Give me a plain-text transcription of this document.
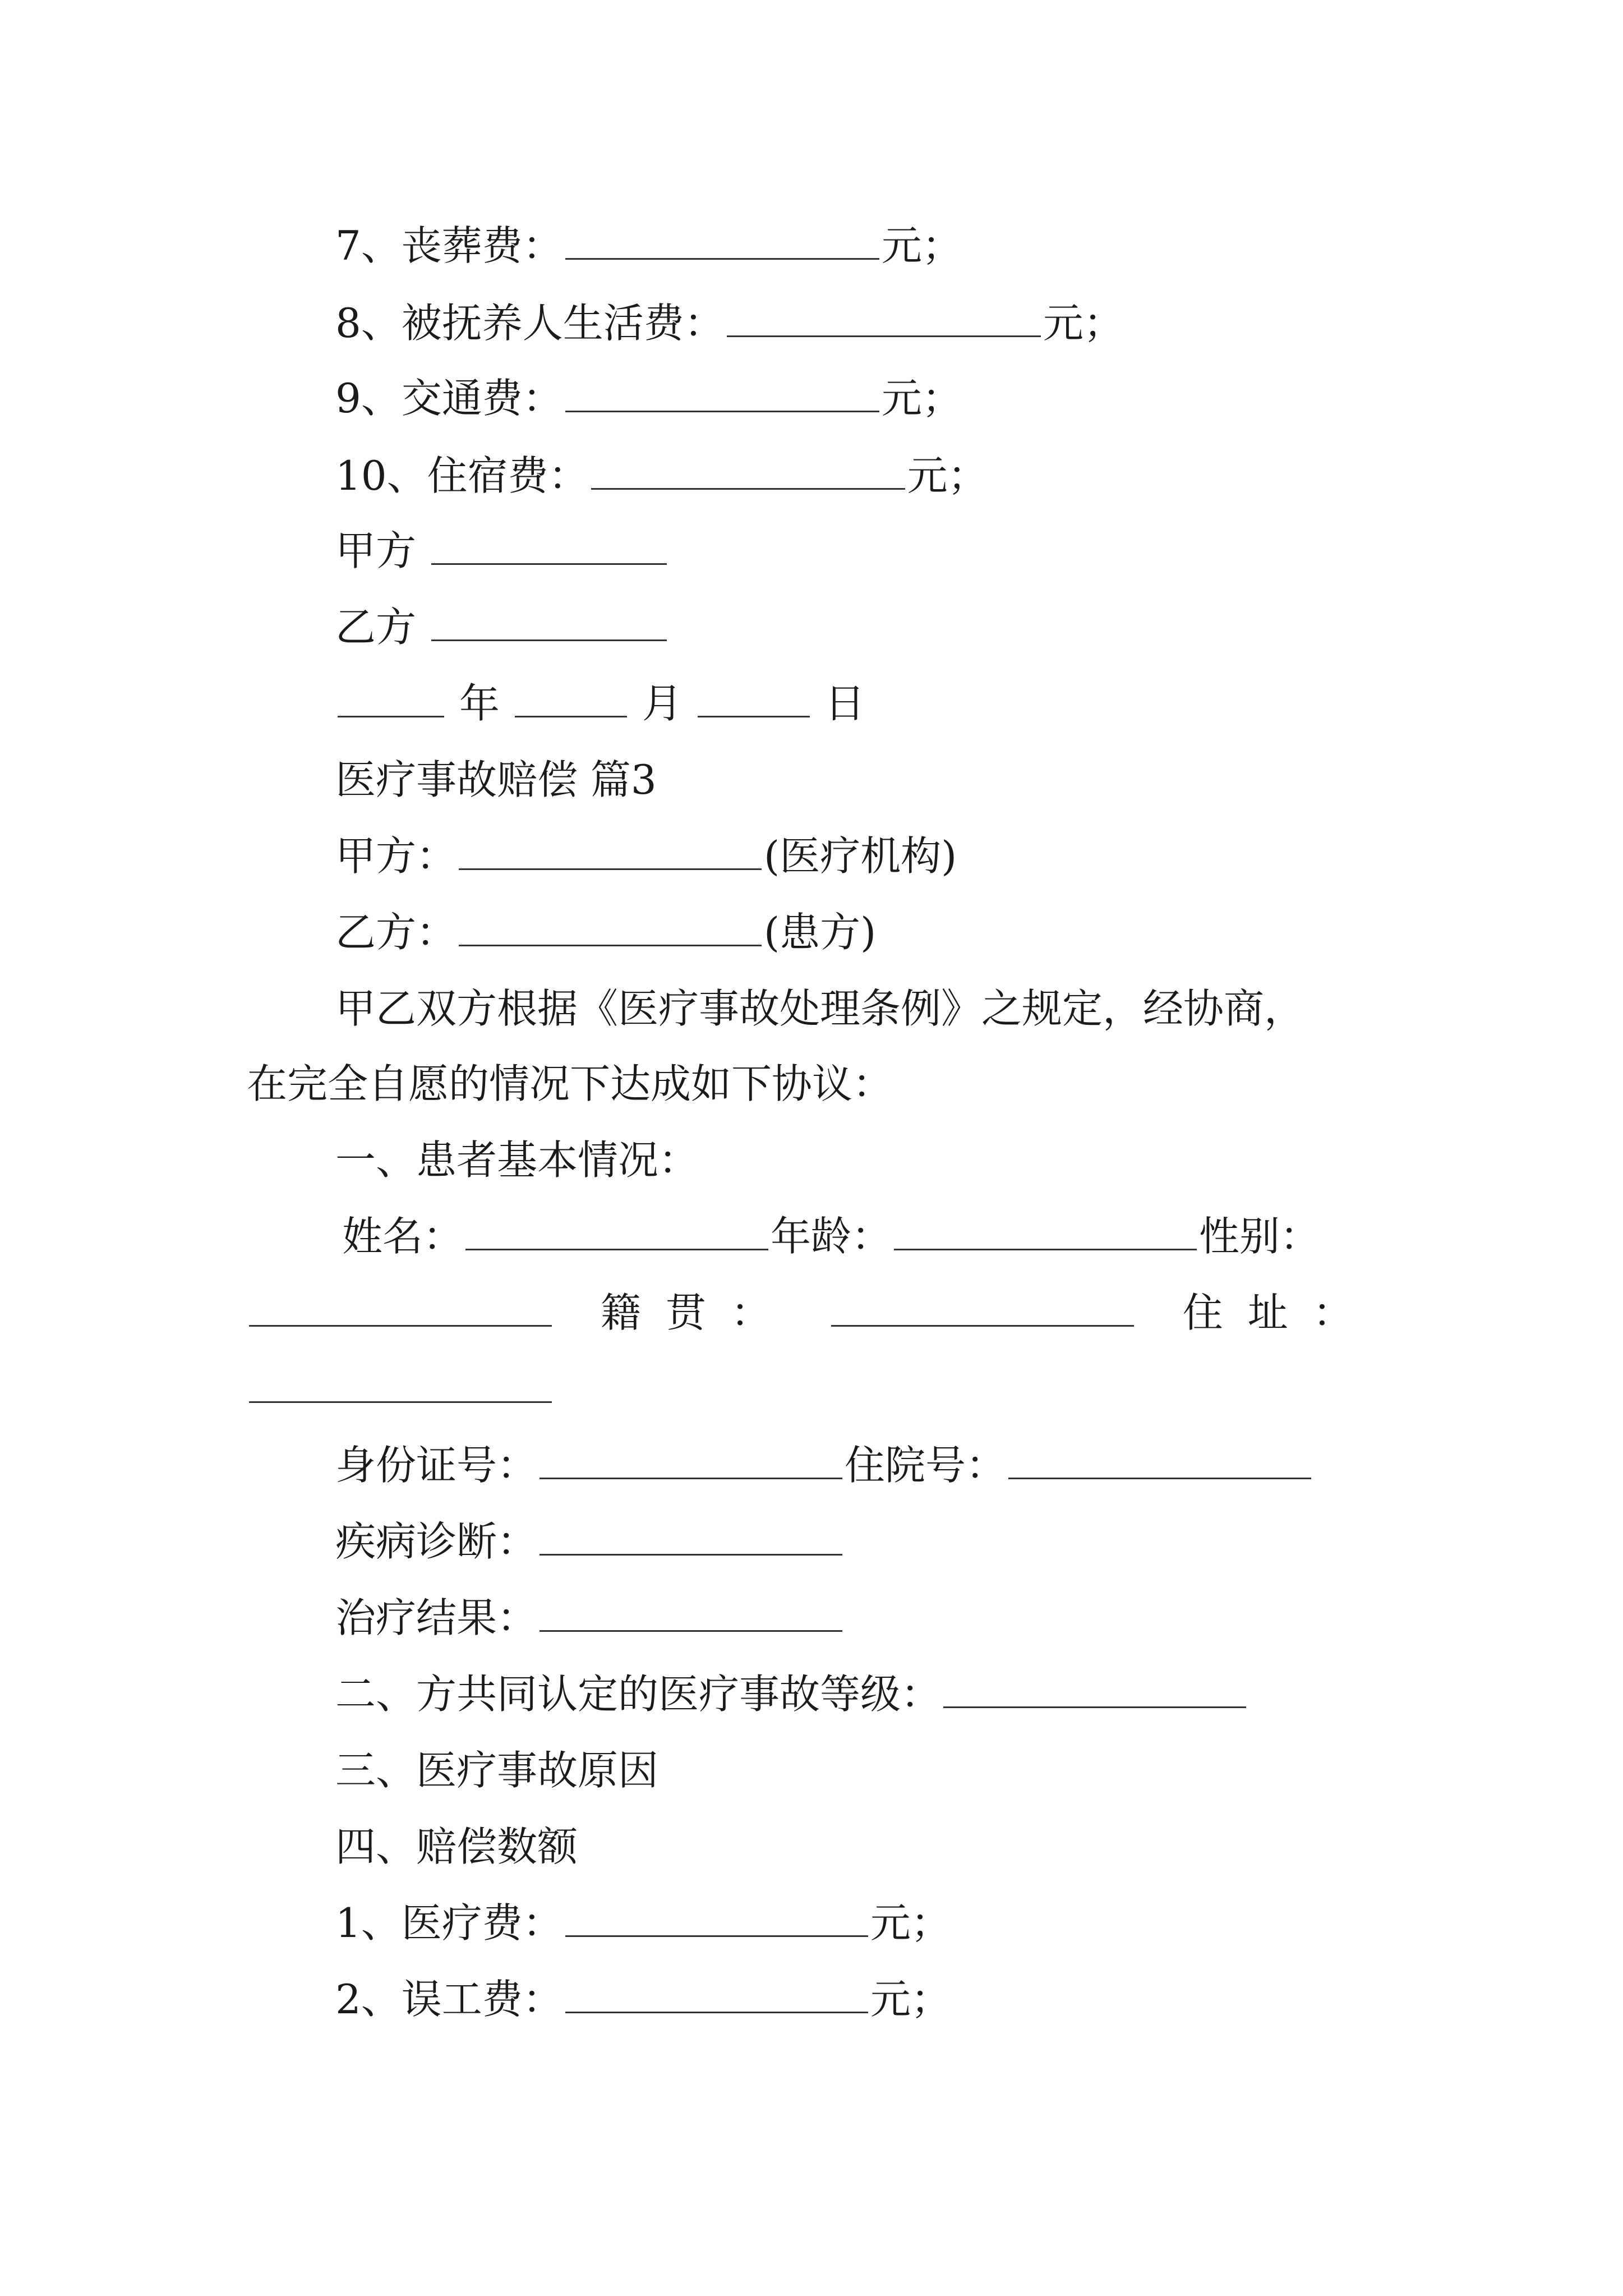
7、丧葬费：	元；
8、被抚养人生活费：	元；
9、交通费：	元；
10、住宿费：	元；
甲方
乙方
年	月	日
医疗事故赔偿 篇3
甲方：	(医疗机构)
乙方：	(患方)
甲乙双方根据《医疗事故处理条例》之规定，经协商，
在完全自愿的情况下达成如下协议：
一、患者基本情况：
姓名：	年龄：	性别：
籍贯：	住址：
身份证号：	住院号：
疾病诊断：
治疗结果：
二、方共同认定的医疗事故等级：
三、医疗事故原因
四、赔偿数额
1、医疗费：	元；
2、误工费：	元；
